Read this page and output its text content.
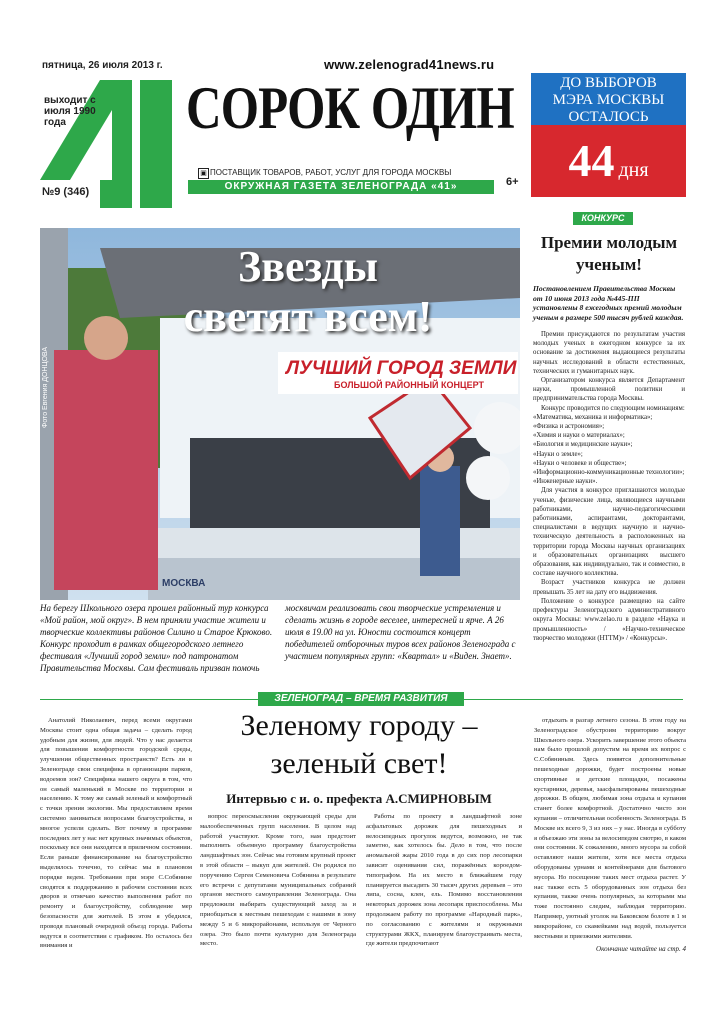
пятница, 26 июля 2013 г.
выходит с июля 1990 года
№9 (346)
www.zelenograd41news.ru
СОРОК ОДИН
▣ ПОСТАВЩИК ТОВАРОВ, РАБОТ, УСЛУГ ДЛЯ ГОРОДА МОСКВЫ
ОКРУЖНАЯ ГАЗЕТА ЗЕЛЕНОГРАДА «41»	6+
ДО ВЫБОРОВ
МЭРА МОСКВЫ
ОСТАЛОСЬ
44 дня
Звезды
светят всем!
ЛУЧШИЙ ГОРОД ЗЕМЛИ
БОЛЬШОЙ РАЙОННЫЙ КОНЦЕРТ
МОСКВА
Фото Евгения ДОНЦОВА
На берегу Школьного озера прошел районный тур конкурса «Мой район, мой округ». В нем приняли участие жители и творческие коллективы районов Силино и Старое Крюково. Конкурс проходит в рамках общегородского летнего фестиваля «Лучший город земли» под патронатом Правительства Москвы. Сам фестиваль призван помочь москвичам реализовать свои творческие устремления и сделать жизнь в городе веселее, интересней и ярче. А 26 июля в 19.00 на ул. Юности состоится концерт победителей отборочных туров всех районов Зеленограда с участием популярных групп: «Квартал» и «Виден. Знает».
КОНКУРС
Премии молодым ученым!
Постановлением Правительства Москвы от 10 июня 2013 года №445-ПП установлены 8 ежегодных премий молодым ученым в размере 500 тысяч рублей каждая.

Премии присуждаются по результатам участия молодых ученых в ежегодном конкурсе за их основание за достижения выдающиеся результаты научных исследований в области естественных, технических и гуманитарных наук.

Организатором конкурса является Департамент науки, промышленной политики и предпринимательства города Москвы.

Конкурс проводится по следующим номинациям:

«Математика, механика и информатика»;
«Физика и астрономия»;
«Химия и науки о материалах»;
«Биология и медицинские науки»;
«Науки о земле»;
«Науки о человеке и обществе»;
«Информационно-коммуникационные технологии»;
«Инженерные науки».

Для участия в конкурсе приглашаются молодые ученые, физические лица, являющиеся научными работниками, научно-педагогическими работниками, аспирантами, докторантами, специалистами в ведущих научную и научно-техническую деятельность в расположенных на территории города Москвы научных организациях и образовательных организациях высшего образования, как индивидуально, так и совместно, в составе научного коллектива.

Возраст участников конкурса не должен превышать 35 лет на дату его выдвижения.

Положение о конкурсе размещено на сайте префектуры Зеленоградского административного округа Москвы: www.zelao.ru в разделе «Наука и промышленность» / «Научно-техническое творчество молодежи (НТТМ)» / «Конкурсы».

ЗЕЛЕНОГРАД – ВРЕМЯ РАЗВИТИЯ

Анатолий Николаевич, перед всеми округами Москвы стоит одна общая задача – сделать город удобным для жизни, для людей. Что у нас делается для повышения комфортности городской среды, улучшения общественных пространств? Есть ли в Зеленограде свои специфика в организации парков, водоемов зон? Специфика нашего округа в том, что он самый маленький в Москве по территории и населению. К тому же самый зеленый и комфортный с точки зрения экологии. Мы предоставляем время системно заниматься вопросами благоустройства, и многое успели сделать. Вот почему в программе последних лет у нас нет крупных значимых объектов, поскольку все они находятся в приличном состоянии. Если раньше финансирование на благоустройство выделялось точечно, то сейчас мы в плановом порядке ведем. Требования при мэре С.Собянине сводятся к поддержанию в рабочем состоянии всех дворов и отмечаю качество выполнения работ по ремонту и благоустройству, соблюдение мер безопасности для жителей. В этом я убедился, проводя плановый очередной объезд города. Работы ведутся в соответствии с графиком. Но осталось без внимания и

Зеленому городу –
зеленый свет!
Интервью с и. о. префекта А.СМИРНОВЫМ

вопрос переосмысления окружающей среды для малообеспеченных групп населения. В целом над работой участвуют. Кроме того, нам предстоит выполнить объемную программу благоустройства ландшафтных зон. Сейчас мы готовим крупный проект в этой области – выкуп для жителей. Он родился по поручению Сергея Семеновича Собянина в результате его встречи с депутатами муниципальных собраний органов местного самоуправления Зеленограда. Она предложили выбирать существующий заход за и приобщаться к местным пешеходам с нашими в зону между 5 и 6 микрорайонами, используя от Черного озера. Это было почти культурно для Зеленограда место.

Работы по проекту в ландшафтной зоне асфальтовых дорожек для пешеходных и велосипедных прогулок ведутся, возможно, не так заметно, как хотелось бы. Дело в том, что после аномальной жары 2010 года в до сих пор лесопарки зависит оценивания сил, поражённых короедом-типографом. На их место в ближайшем году планируется высадить 30 тысяч других деревьев – это липа, сосна, клен, ель. Помимо восстановления некоторых дорожек зона лесопарк приспособлена. Мы продолжаем работу по программе «Народный парк», по согласованию с жителями и окружными структурами ЖКХ, планируем благоустраивать места, где жители предпочитают

отдыхать в разгар летнего сезона. В этом году на Зеленоградское обустроим территорию вокруг Школьного озера. Ускорить завершение этого объекта нам было прошлой допустим на время их вопрос с С.Собяниным. Здесь появятся дополнительные пешеходные дорожки, будет построены новые спортивные и детские площадки, посажены кустарники, деревья, заасфальтированы пешеходные дорожки. В общем, любимая зона отдыха и купания станет более комфортной. Достаточно чисто зон купания – отличительная особенность Зеленограда. В Москве их всего 9, 3 из них – у нас. Иногда в субботу я объезжаю эти зоны за велосипедом смотрю, в каком они состоянии. К сожалению, много мусора за собой оставляют наши жители, хотя все места отдыха оборудованы урнами и контейнерами для бытового мусора. Но посещение таких мест отдыха растет. У нас также есть 5 оборудованных зон отдыха без купания, также очень популярных, за которыми мы тоже постоянно следим, наблюдая территорию. Например, уютный уголок на Баковском болоте в 1 м микрорайоне, со скамейками над водой, пользуется местными и приезжими жителями.

Окончание читайте на стр. 4
